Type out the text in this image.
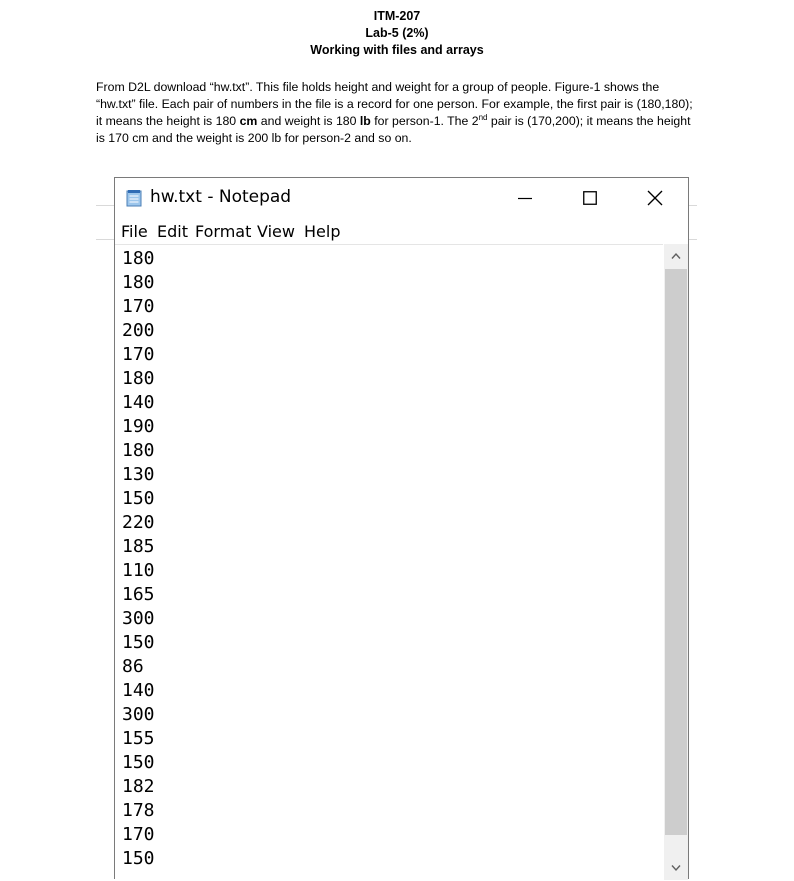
ITM-207
Lab-5 (2%)
Working with files and arrays
From D2L download “hw.txt”. This file holds height and weight for a group of people. Figure-1 shows the “hw.txt” file. Each pair of numbers in the file is a record for one person. For example, the first pair is (180,180); it means the height is 180 cm and weight is 180 lb for person-1. The 2nd pair is (170,200); it means the height is 170 cm and the weight is 200 lb for person-2 and so on.
hw.txt - Notepad
File Edit Format View Help
180
180
170
200
170
180
140
190
180
130
150
220
185
110
165
300
150
86
140
300
155
150
182
178
170
150
